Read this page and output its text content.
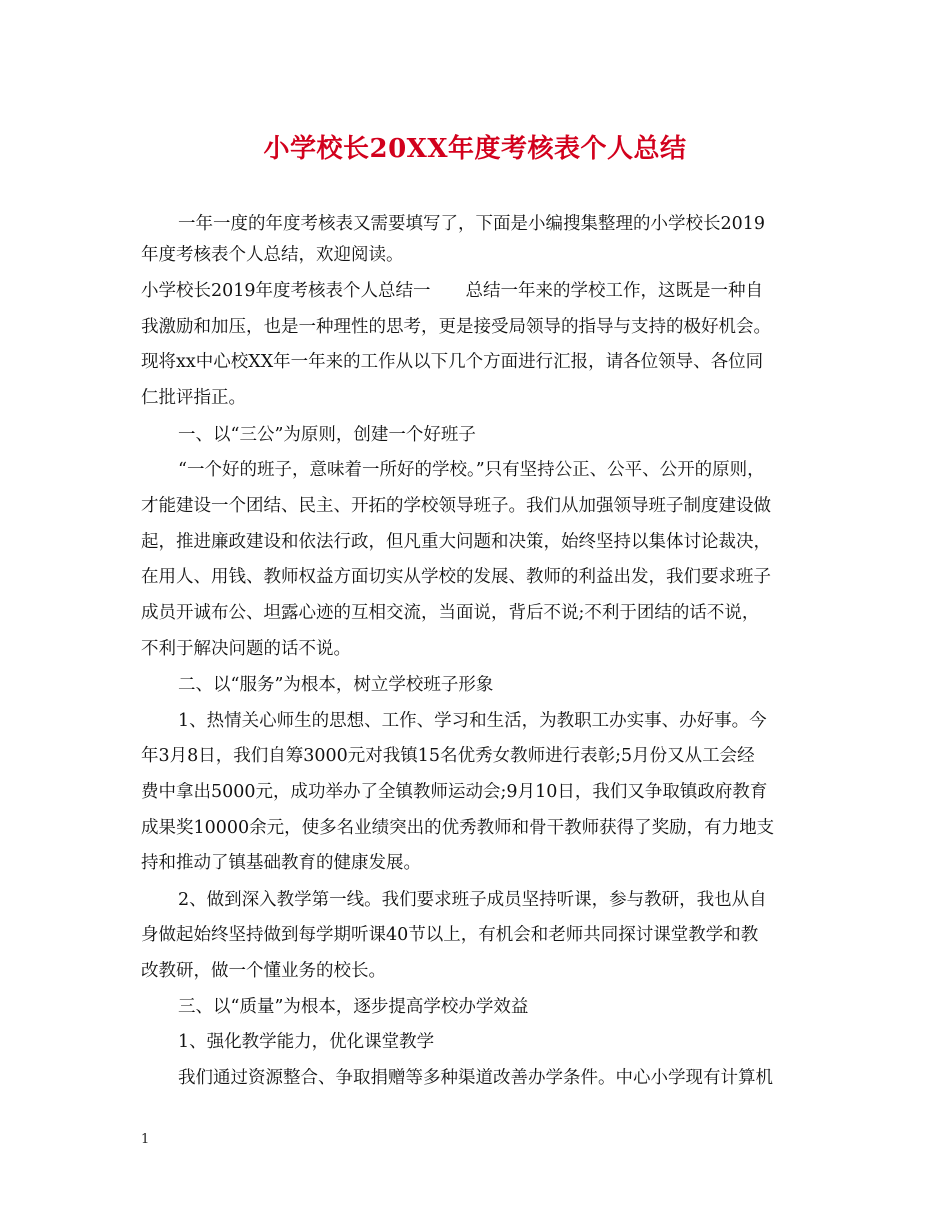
小学校长20XX年度考核表个人总结
一年一度的年度考核表又需要填写了，下面是小编搜集整理的小学校长2019
年度考核表个人总结，欢迎阅读。
小学校长2019年度考核表个人总结一　　总结一年来的学校工作，这既是一种自
我激励和加压，也是一种理性的思考，更是接受局领导的指导与支持的极好机会。
现将xx中心校XX年一年来的工作从以下几个方面进行汇报，请各位领导、各位同
仁批评指正。
一、以“三公”为原则，创建一个好班子
“一个好的班子，意味着一所好的学校。”只有坚持公正、公平、公开的原则，
才能建设一个团结、民主、开拓的学校领导班子。我们从加强领导班子制度建设做
起，推进廉政建设和依法行政，但凡重大问题和决策，始终坚持以集体讨论裁决，
在用人、用钱、教师权益方面切实从学校的发展、教师的利益出发，我们要求班子
成员开诚布公、坦露心迹的互相交流，当面说，背后不说;不利于团结的话不说，
不利于解决问题的话不说。
二、以“服务”为根本，树立学校班子形象
1、热情关心师生的思想、工作、学习和生活，为教职工办实事、办好事。今
年3月8日，我们自筹3000元对我镇15名优秀女教师进行表彰;5月份又从工会经
费中拿出5000元，成功举办了全镇教师运动会;9月10日，我们又争取镇政府教育
成果奖10000余元，使多名业绩突出的优秀教师和骨干教师获得了奖励，有力地支
持和推动了镇基础教育的健康发展。
2、做到深入教学第一线。我们要求班子成员坚持听课，参与教研，我也从自
身做起始终坚持做到每学期听课40节以上，有机会和老师共同探讨课堂教学和教
改教研，做一个懂业务的校长。
三、以“质量”为根本，逐步提高学校办学效益
1、强化教学能力，优化课堂教学
我们通过资源整合、争取捐赠等多种渠道改善办学条件。中心小学现有计算机
1
